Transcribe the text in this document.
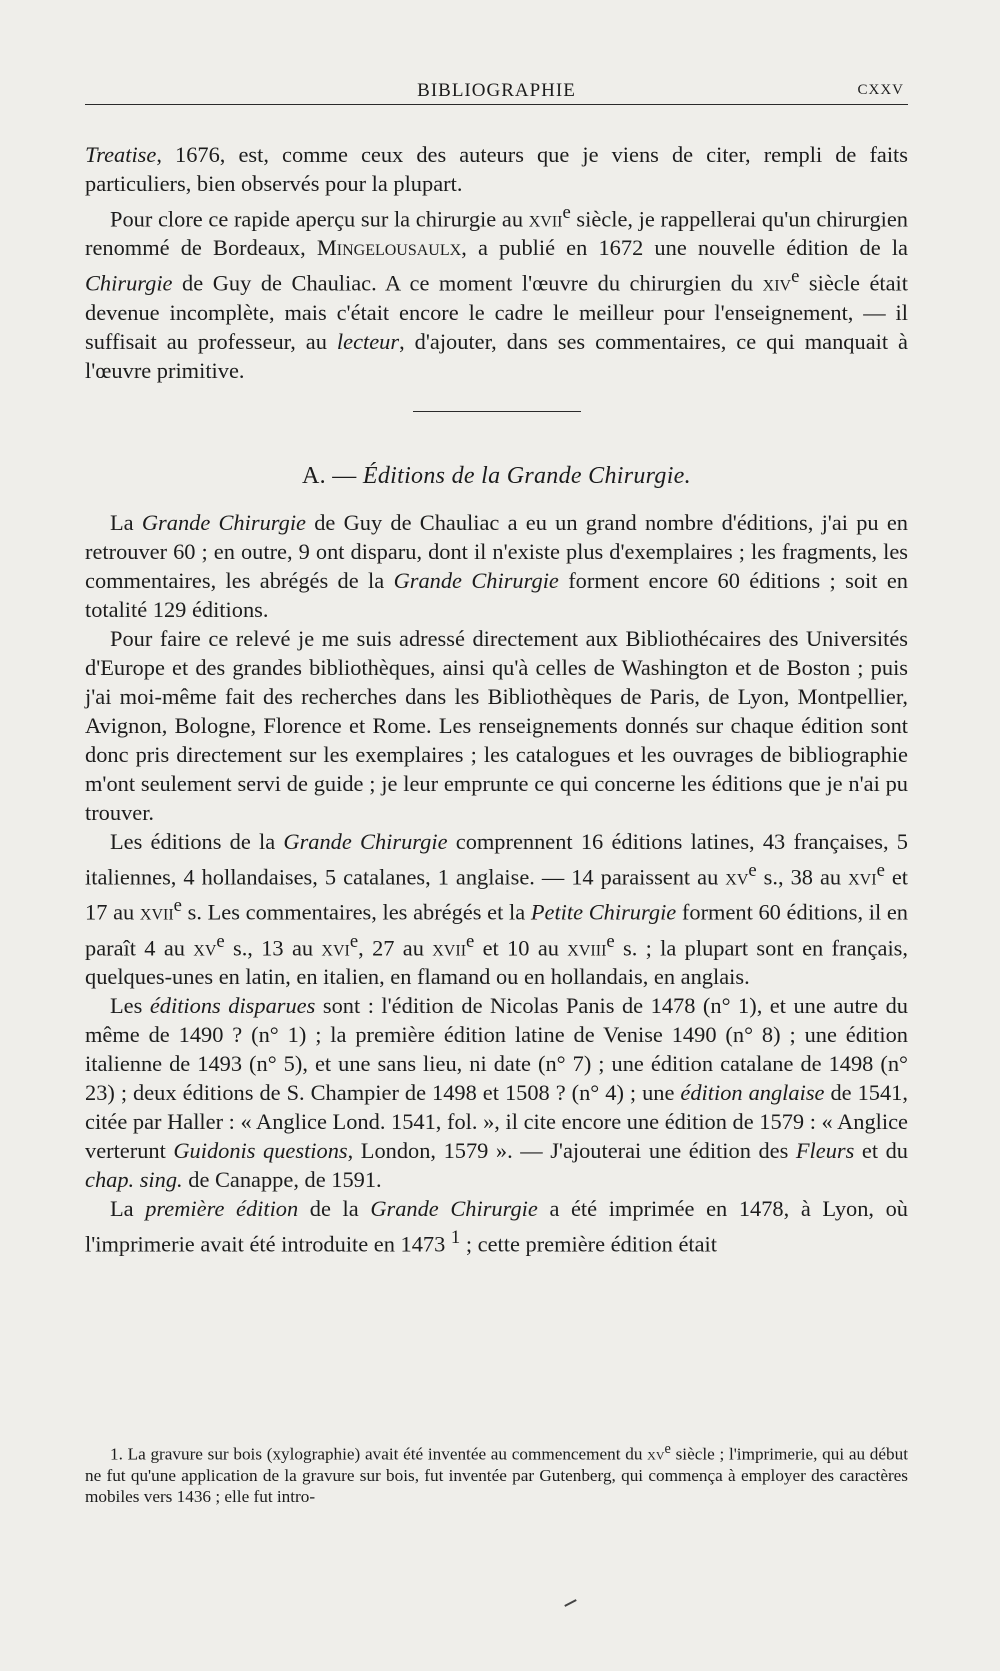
BIBLIOGRAPHIE	CXXV

Treatise, 1676, est, comme ceux des auteurs que je viens de citer, rempli de faits particuliers, bien observés pour la plupart.

Pour clore ce rapide aperçu sur la chirurgie au xvii$^e$ siècle, je rappellerai qu'un chirurgien renommé de Bordeaux, Mingelousaulx, a publié en 1672 une nouvelle édition de la Chirurgie de Guy de Chauliac. A ce moment l'œuvre du chirurgien du xiv$^e$ siècle était devenue incomplète, mais c'était encore le cadre le meilleur pour l'enseignement, — il suffisait au professeur, au lecteur, d'ajouter, dans ses commentaires, ce qui manquait à l'œuvre primitive.

A. — Éditions de la Grande Chirurgie.

La Grande Chirurgie de Guy de Chauliac a eu un grand nombre d'éditions, j'ai pu en retrouver 60 ; en outre, 9 ont disparu, dont il n'existe plus d'exemplaires ; les fragments, les commentaires, les abrégés de la Grande Chirurgie forment encore 60 éditions ; soit en totalité 129 éditions.

Pour faire ce relevé je me suis adressé directement aux Bibliothécaires des Universités d'Europe et des grandes bibliothèques, ainsi qu'à celles de Washington et de Boston ; puis j'ai moi-même fait des recherches dans les Bibliothèques de Paris, de Lyon, Montpellier, Avignon, Bologne, Florence et Rome. Les renseignements donnés sur chaque édition sont donc pris directement sur les exemplaires ; les catalogues et les ouvrages de bibliographie m'ont seulement servi de guide ; je leur emprunte ce qui concerne les éditions que je n'ai pu trouver.

Les éditions de la Grande Chirurgie comprennent 16 éditions latines, 43 françaises, 5 italiennes, 4 hollandaises, 5 catalanes, 1 anglaise. — 14 paraissent au $xv^e$ s., 38 au xvi$^e$ et 17 au xvii$^e$ s. Les commentaires, les abrégés et la Petite Chirurgie forment 60 éditions, il en paraît 4 au $xv^e$ s., 13 au xvi$^e$, 27 au xvii$^e$ et 10 au xviii$^e$ s. ; la plupart sont en français, quelques-unes en latin, en italien, en flamand ou en hollandais, en anglais.

Les éditions disparues sont : l'édition de Nicolas Panis de 1478 (n° 1), et une autre du même de 1490 ? (n° 1) ; la première édition latine de Venise 1490 (n° 8) ; une édition italienne de 1493 (n° 5), et une sans lieu, ni date (n° 7) ; une édition catalane de 1498 (n° 23) ; deux éditions de S. Champier de 1498 et 1508 ? (n° 4) ; une édition anglaise de 1541, citée par Haller : « Anglice Lond. 1541, fol. », il cite encore une édition de 1579 : « Anglice verterunt Guidonis questions, London, 1579 ». — J'ajouterai une édition des Fleurs et du chap. sing. de Canappe, de 1591.

La première édition de la Grande Chirurgie a été imprimée en 1478, à Lyon, où l'imprimerie avait été introduite en 1473 $^1$ ; cette première édition était

1. La gravure sur bois (xylographie) avait été inventée au commencement du $xv^e$ siècle ; l'imprimerie, qui au début ne fut qu'une application de la gravure sur bois, fut inventée par Gutenberg, qui commença à employer des caractères mobiles vers 1436 ; elle fut intro-
